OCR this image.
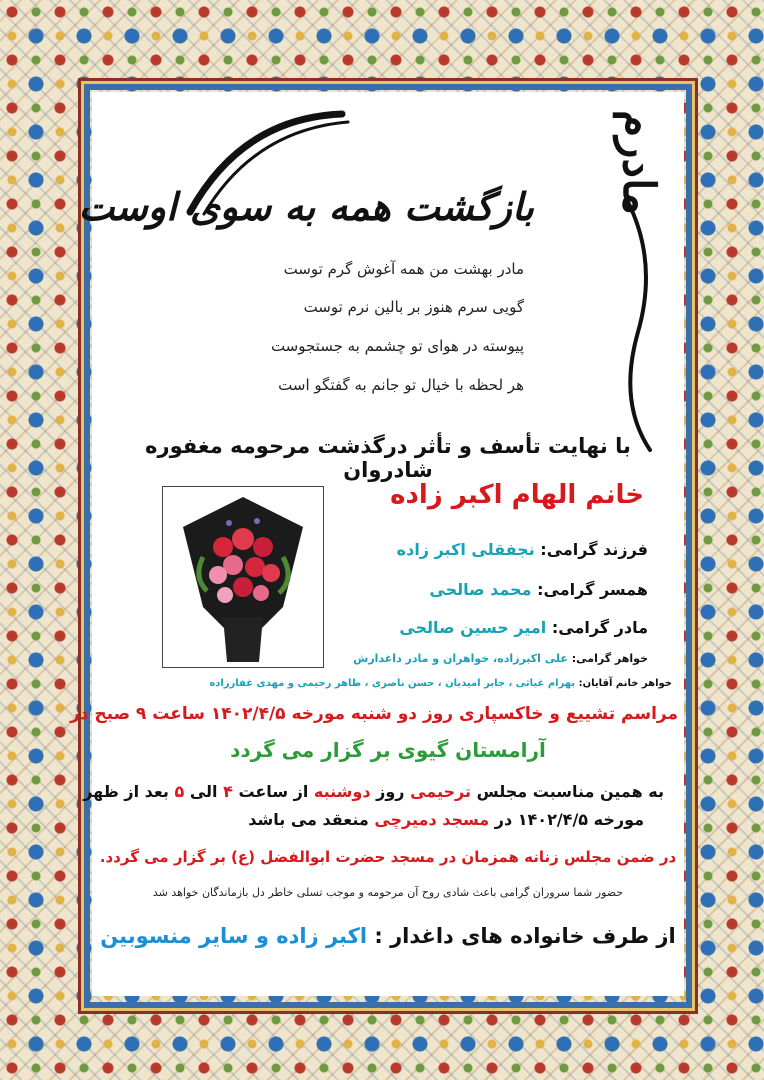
مادرم
بازگشت همه به سوی اوست
مادر بهشت من همه آغوش گرم توست
گویی سرم هنوز بر بالین نرم توست
پیوسته در هوای تو چشمم به جستجوست
هر لحظه با خیال تو جانم به گفتگو است
با نهایت تأسف و تأثر درگذشت مرحومه مغفوره شادروان
خانم الهام اکبر زاده
فرزند گرامی: نجفقلی اکبر زاده
همسر گرامی: محمد صالحی
مادر گرامی: امیر حسین صالحی
خواهر گرامی: علی اکبرزاده، خواهران و مادر داغدارش
خواهر خانم آقایان: بهرام غیاثی ، جابر امیدیان ، حسن ناصری ، طاهر رحیمی و مهدی غفارزاده
مراسم تشییع و خاکسپاری روز دو شنبه مورخه ۱۴۰۲/۴/۵ ساعت ۹ صبح در
آرامستان گیوی بر گزار می گردد
به همین مناسبت مجلس ترحیمی روز دوشنبه از ساعت ۴ الی ۵ بعد از ظهر
مورخه ۱۴۰۲/۴/۵ در مسجد دمیرچی منعقد می باشد
در ضمن مجلس زنانه همزمان در مسجد حضرت ابوالفضل (ع) بر گزار می گردد.
حضور شما سروران گرامی باعث شادی روح آن مرحومه و موجب تسلی خاطر دل بازماندگان خواهد شد
از طرف خانواده های داغدار : اکبر زاده و سایر منسوبین
